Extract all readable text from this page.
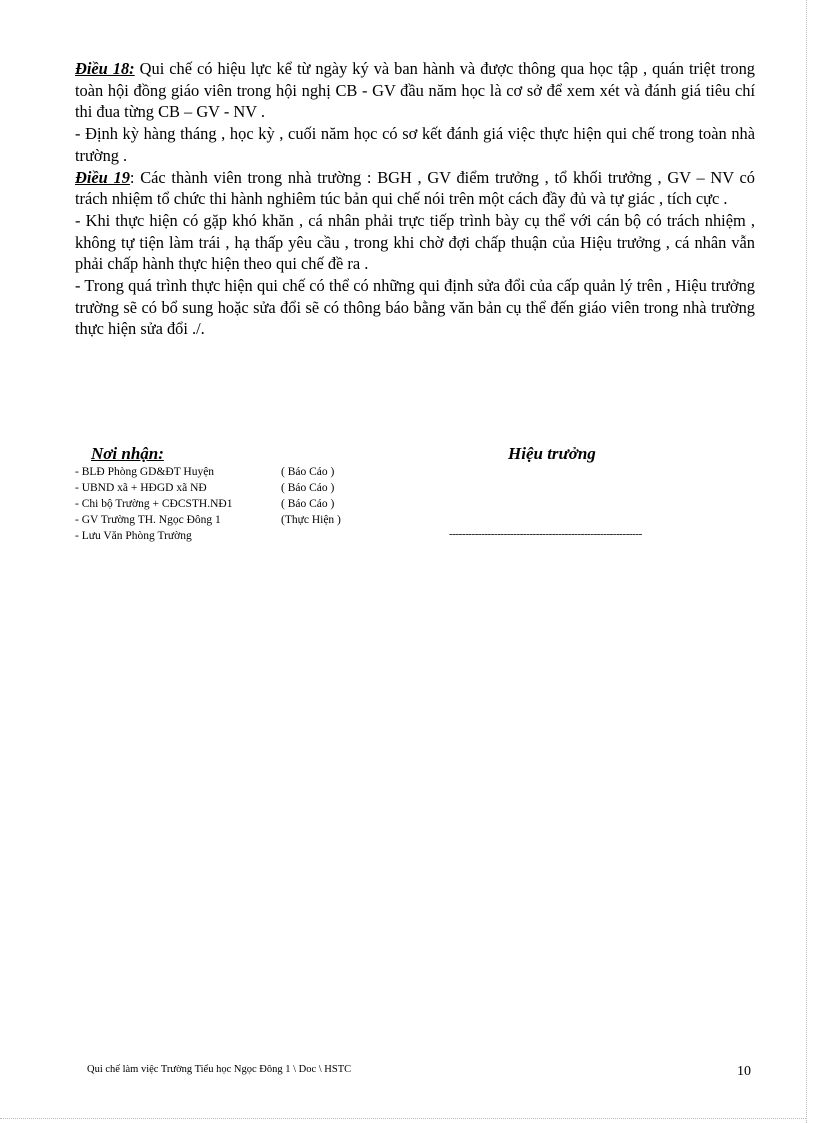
Điều 18: Qui chế có hiệu lực kể từ ngày ký và ban hành và được thông qua học tập , quán triệt trong toàn hội đồng giáo viên trong hội nghị CB - GV đầu năm học là cơ sở để xem xét và đánh giá tiêu chí thi đua từng CB – GV - NV .

- Định kỳ hàng tháng , học kỳ , cuối năm học có sơ kết đánh giá việc thực hiện qui chế trong toàn nhà trường .

Điều 19: Các thành viên trong nhà trường : BGH , GV điểm trưởng , tổ khối trưởng , GV – NV có trách nhiệm tổ chức thi hành nghiêm túc bản qui chế nói trên một cách đầy đủ và tự giác , tích cực .

- Khi thực hiện có gặp khó khăn , cá nhân phải trực tiếp trình bày cụ thể với cán bộ có trách nhiệm , không tự tiện làm trái , hạ thấp yêu cầu , trong khi chờ đợi chấp thuận của Hiệu trưởng , cá nhân vẫn phải chấp hành thực hiện theo qui chế đề ra .

- Trong quá trình thực hiện qui chế có thể có những qui định sửa đổi của cấp quản lý trên , Hiệu trưởng trường sẽ có bổ sung hoặc sửa đổi sẽ có thông báo bằng văn bản cụ thể đến giáo viên trong nhà trường thực hiện sửa đổi ./.

Nơi nhận:	Hiệu trưởng
- BLĐ Phòng GD&ĐT Huyện	( Báo Cáo )
- UBND xã + HĐGD xã NĐ	( Báo Cáo )
- Chi bộ Trường + CĐCSTH.NĐ1	( Báo Cáo )
- GV Trường TH. Ngọc Đông 1	(Thực Hiện )
- Lưu Văn Phòng Trường	------------------------------------------------------------
Qui chế làm việc Trường Tiểu học Ngọc Đông 1 \ Doc \ HSTC	10
